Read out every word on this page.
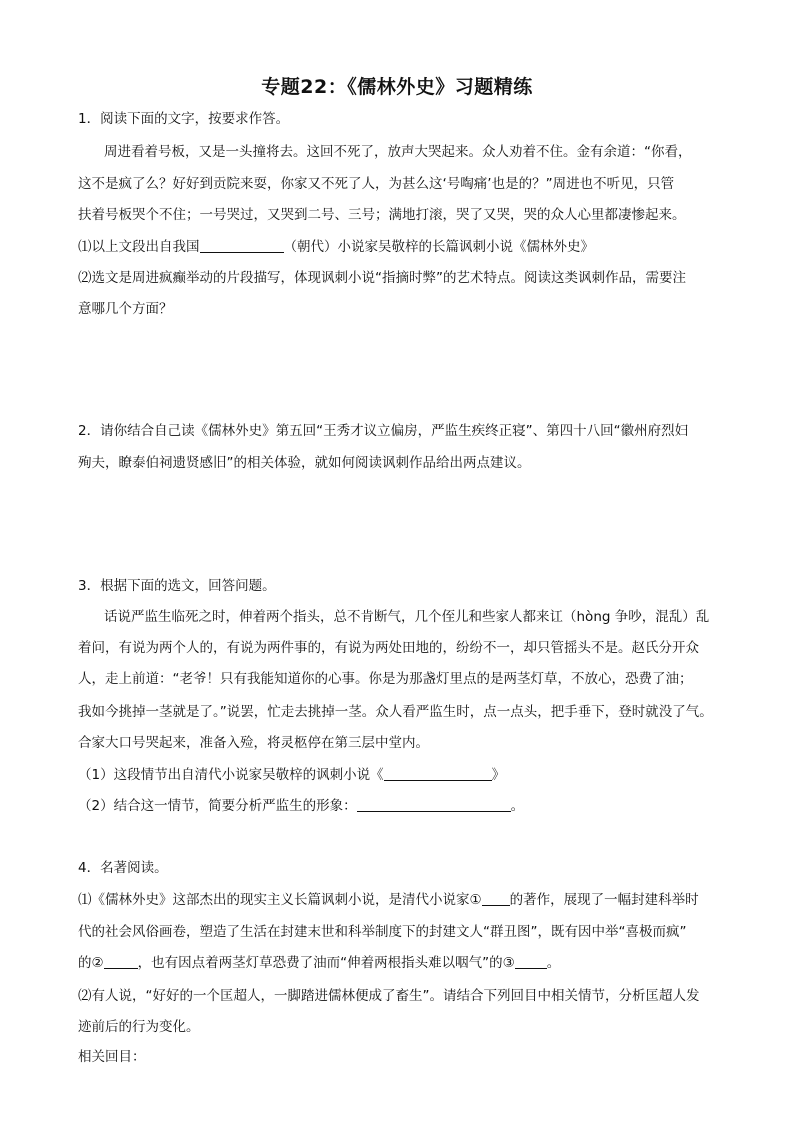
专题22：《儒林外史》习题精练
1．阅读下面的文字，按要求作答。
周进看着号板，又是一头撞将去。这回不死了，放声大哭起来。众人劝着不住。金有余道：“你看，
这不是疯了么？好好到贡院来耍，你家又不死了人，为甚么这‘号啕痛’也是的？”周进也不听见，只管
扶着号板哭个不住；一号哭过，又哭到二号、三号；满地打滚，哭了又哭，哭的众人心里都凄惨起来。
⑴以上文段出自我国	（朝代）小说家吴敬梓的长篇讽刺小说《儒林外史》
⑵选文是周进疯癫举动的片段描写，体现讽刺小说“指摘时弊”的艺术特点。阅读这类讽刺作品，需要注
意哪几个方面？
2．请你结合自己读《儒林外史》第五回“王秀才议立偏房，严监生疾终正寝”、第四十八回“徽州府烈妇
殉夫，瞭泰伯祠遗贤感旧”的相关体验，就如何阅读讽刺作品给出两点建议。
3．根据下面的选文，回答问题。
话说严监生临死之时，伸着两个指头，总不肯断气，几个侄儿和些家人都来讧（hòng 争吵，混乱）乱
着问，有说为两个人的，有说为两件事的，有说为两处田地的，纷纷不一，却只管摇头不是。赵氏分开众
人，走上前道：“老爷！只有我能知道你的心事。你是为那盏灯里点的是两茎灯草，不放心，恐费了油；
我如今挑掉一茎就是了。”说罢，忙走去挑掉一茎。众人看严监生时，点一点头，把手垂下，登时就没了气。
合家大口号哭起来，准备入殓，将灵柩停在第三层中堂内。
（1）这段情节出自清代小说家吴敬梓的讽刺小说《	》
（2）结合这一情节，简要分析严监生的形象：	。
4．名著阅读。
⑴《儒林外史》这部杰出的现实主义长篇讽刺小说，是清代小说家① 的著作，展现了一幅封建科举时
代的社会风俗画卷，塑造了生活在封建末世和科举制度下的封建文人“群丑图”，既有因中举“喜极而疯”
的②	，也有因点着两茎灯草恐费了油而“伸着两根指头难以咽气”的③ 。
⑵有人说，“好好的一个匡超人，一脚踏进儒林便成了畜生”。请结合下列回目中相关情节，分析匡超人发
迹前后的行为变化。
相关回目：
